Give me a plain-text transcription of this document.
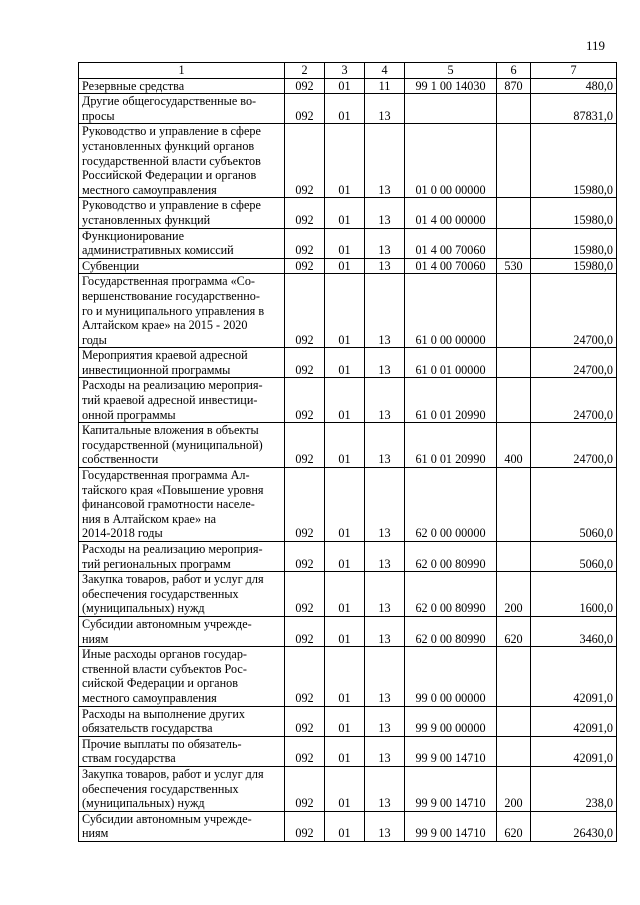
119
1	2	3	4	5	6	7
Резервные средства	092	01	11	99 1 00 14030	870	480,0
Другие общегосударственные во-
просы	092	01	13			87831,0
Руководство и управление в сфере
установленных функций органов
государственной власти субъектов
Российской Федерации и органов
местного самоуправления	092	01	13	01 0 00 00000		15980,0
Руководство и управление в сфере
установленных функций	092	01	13	01 4 00 00000		15980,0
Функционирование административных комиссий	092	01	13	01 4 00 70060		15980,0
Субвенции	092	01	13	01 4 00 70060	530	15980,0
Государственная программа «Со-
вершенствование государственно-
го и муниципального управления в
Алтайском крае» на 2015 - 2020
годы	092	01	13	61 0 00 00000		24700,0
Мероприятия краевой адресной
инвестиционной программы	092	01	13	61 0 01 00000		24700,0
Расходы на реализацию мероприя-
тий краевой адресной инвестици-
онной программы	092	01	13	61 0 01 20990		24700,0
Капитальные вложения в объекты
государственной (муниципальной)
собственности	092	01	13	61 0 01 20990	400	24700,0
Государственная программа Ал-
тайского края «Повышение уровня
финансовой грамотности населе-
ния в Алтайском крае» на
2014-2018 годы	092	01	13	62 0 00 00000		5060,0
Расходы на реализацию мероприя-
тий региональных программ	092	01	13	62 0 00 80990		5060,0
Закупка товаров, работ и услуг для
обеспечения государственных
(муниципальных) нужд	092	01	13	62 0 00 80990	200	1600,0
Субсидии автономным учрежде-
ниям	092	01	13	62 0 00 80990	620	3460,0
Иные расходы органов государ-
ственной власти субъектов Рос-
сийской Федерации и органов
местного самоуправления	092	01	13	99 0 00 00000		42091,0
Расходы на выполнение других
обязательств государства	092	01	13	99 9 00 00000		42091,0
Прочие выплаты по обязатель-
ствам государства	092	01	13	99 9 00 14710		42091,0
Закупка товаров, работ и услуг для
обеспечения государственных
(муниципальных) нужд	092	01	13	99 9 00 14710	200	238,0
Субсидии автономным учрежде-
ниям	092	01	13	99 9 00 14710	620	26430,0
